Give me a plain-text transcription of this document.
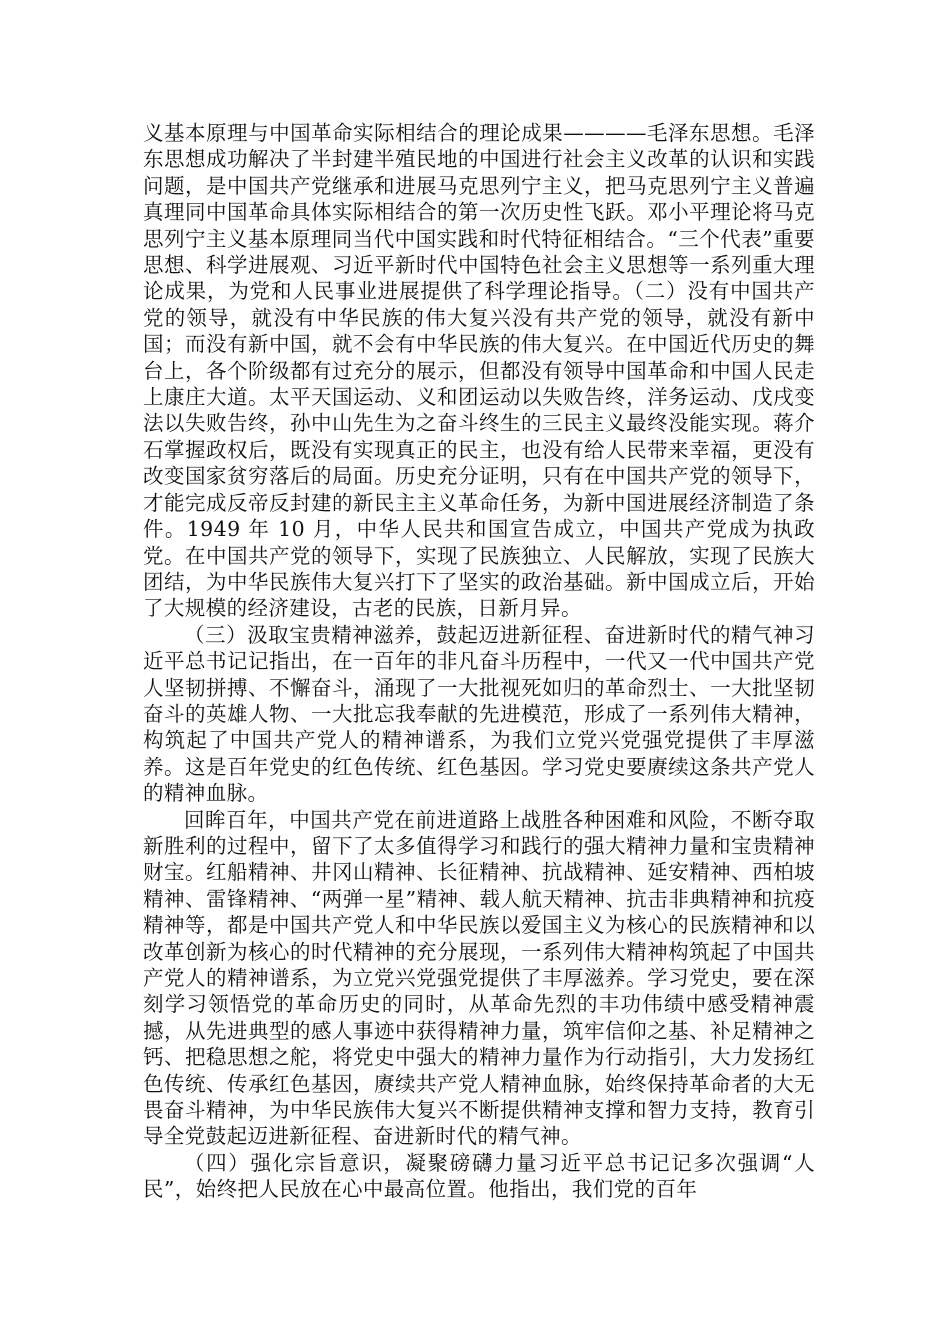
义基本原理与中国革命实际相结合的理论成果————毛泽东思想。毛泽东思想成功解决了半封建半殖民地的中国进行社会主义改革的认识和实践问题，是中国共产党继承和进展马克思列宁主义，把马克思列宁主义普遍真理同中国革命具体实际相结合的第一次历史性飞跃。邓小平理论将马克思列宁主义基本原理同当代中国实践和时代特征相结合。“三个代表”重要思想、科学进展观、习近平新时代中国特色社会主义思想等一系列重大理论成果，为党和人民事业进展提供了科学理论指导。（二）没有中国共产党的领导，就没有中华民族的伟大复兴没有共产党的领导，就没有新中国；而没有新中国，就不会有中华民族的伟大复兴。在中国近代历史的舞台上，各个阶级都有过充分的展示，但都没有领导中国革命和中国人民走上康庄大道。太平天国运动、义和团运动以失败告终，洋务运动、戊戌变法以失败告终，孙中山先生为之奋斗终生的三民主义最终没能实现。蒋介石掌握政权后，既没有实现真正的民主，也没有给人民带来幸福，更没有改变国家贫穷落后的局面。历史充分证明，只有在中国共产党的领导下，才能完成反帝反封建的新民主主义革命任务，为新中国进展经济制造了条件。1949 年 10 月，中华人民共和国宣告成立，中国共产党成为执政党。在中国共产党的领导下，实现了民族独立、人民解放，实现了民族大团结，为中华民族伟大复兴打下了坚实的政治基础。新中国成立后，开始了大规模的经济建设，古老的民族，日新月异。

（三）汲取宝贵精神滋养，鼓起迈进新征程、奋进新时代的精气神习近平总书记记指出，在一百年的非凡奋斗历程中，一代又一代中国共产党人坚韧拼搏、不懈奋斗，涌现了一大批视死如归的革命烈士、一大批坚韧奋斗的英雄人物、一大批忘我奉献的先进模范，形成了一系列伟大精神，构筑起了中国共产党人的精神谱系，为我们立党兴党强党提供了丰厚滋养。这是百年党史的红色传统、红色基因。学习党史要赓续这条共产党人的精神血脉。

回眸百年，中国共产党在前进道路上战胜各种困难和风险，不断夺取新胜利的过程中，留下了太多值得学习和践行的强大精神力量和宝贵精神财宝。红船精神、井冈山精神、长征精神、抗战精神、延安精神、西柏坡精神、雷锋精神、“两弹一星”精神、载人航天精神、抗击非典精神和抗疫精神等，都是中国共产党人和中华民族以爱国主义为核心的民族精神和以改革创新为核心的时代精神的充分展现，一系列伟大精神构筑起了中国共产党人的精神谱系，为立党兴党强党提供了丰厚滋养。学习党史，要在深刻学习领悟党的革命历史的同时，从革命先烈的丰功伟绩中感受精神震撼，从先进典型的感人事迹中获得精神力量，筑牢信仰之基、补足精神之钙、把稳思想之舵，将党史中强大的精神力量作为行动指引，大力发扬红色传统、传承红色基因，赓续共产党人精神血脉，始终保持革命者的大无畏奋斗精神，为中华民族伟大复兴不断提供精神支撑和智力支持，教育引导全党鼓起迈进新征程、奋进新时代的精气神。

（四）强化宗旨意识，凝聚磅礴力量习近平总书记记多次强调“人民”，始终把人民放在心中最高位置。他指出，我们党的百年
